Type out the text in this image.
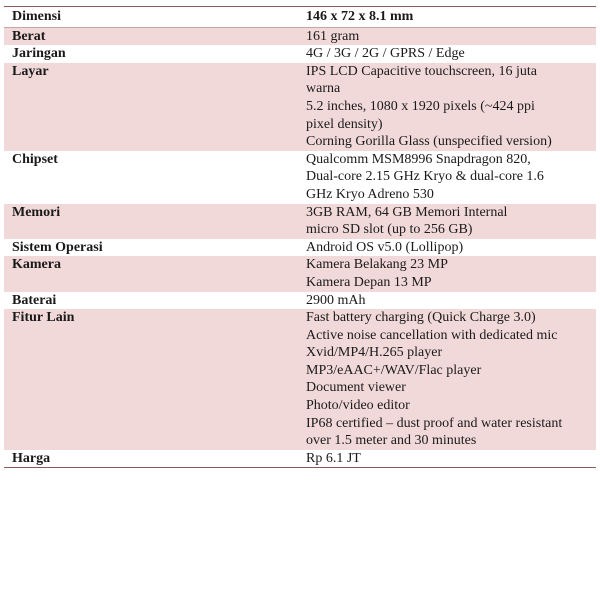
Dimensi	146 x 72 x 8.1 mm
Berat	161 gram
Jaringan	4G / 3G / 2G / GPRS / Edge
Layar	IPS LCD Capacitive touchscreen, 16 juta
warna
5.2 inches, 1080 x 1920 pixels (~424 ppi
pixel density)
Corning Gorilla Glass (unspecified version)
Chipset	Qualcomm MSM8996 Snapdragon 820,
Dual-core 2.15 GHz Kryo & dual-core 1.6
GHz Kryo Adreno 530
Memori	3GB RAM, 64 GB Memori Internal
micro SD slot (up to 256 GB)
Sistem Operasi	Android OS v5.0 (Lollipop)
Kamera	Kamera Belakang 23 MP
Kamera Depan 13 MP
Baterai	2900 mAh
Fitur Lain	Fast battery charging (Quick Charge 3.0)
Active noise cancellation with dedicated mic
Xvid/MP4/H.265 player
MP3/eAAC+/WAV/Flac player
Document viewer
Photo/video editor
IP68 certified – dust proof and water resistant
over 1.5 meter and 30 minutes
Harga	Rp 6.1 JT
